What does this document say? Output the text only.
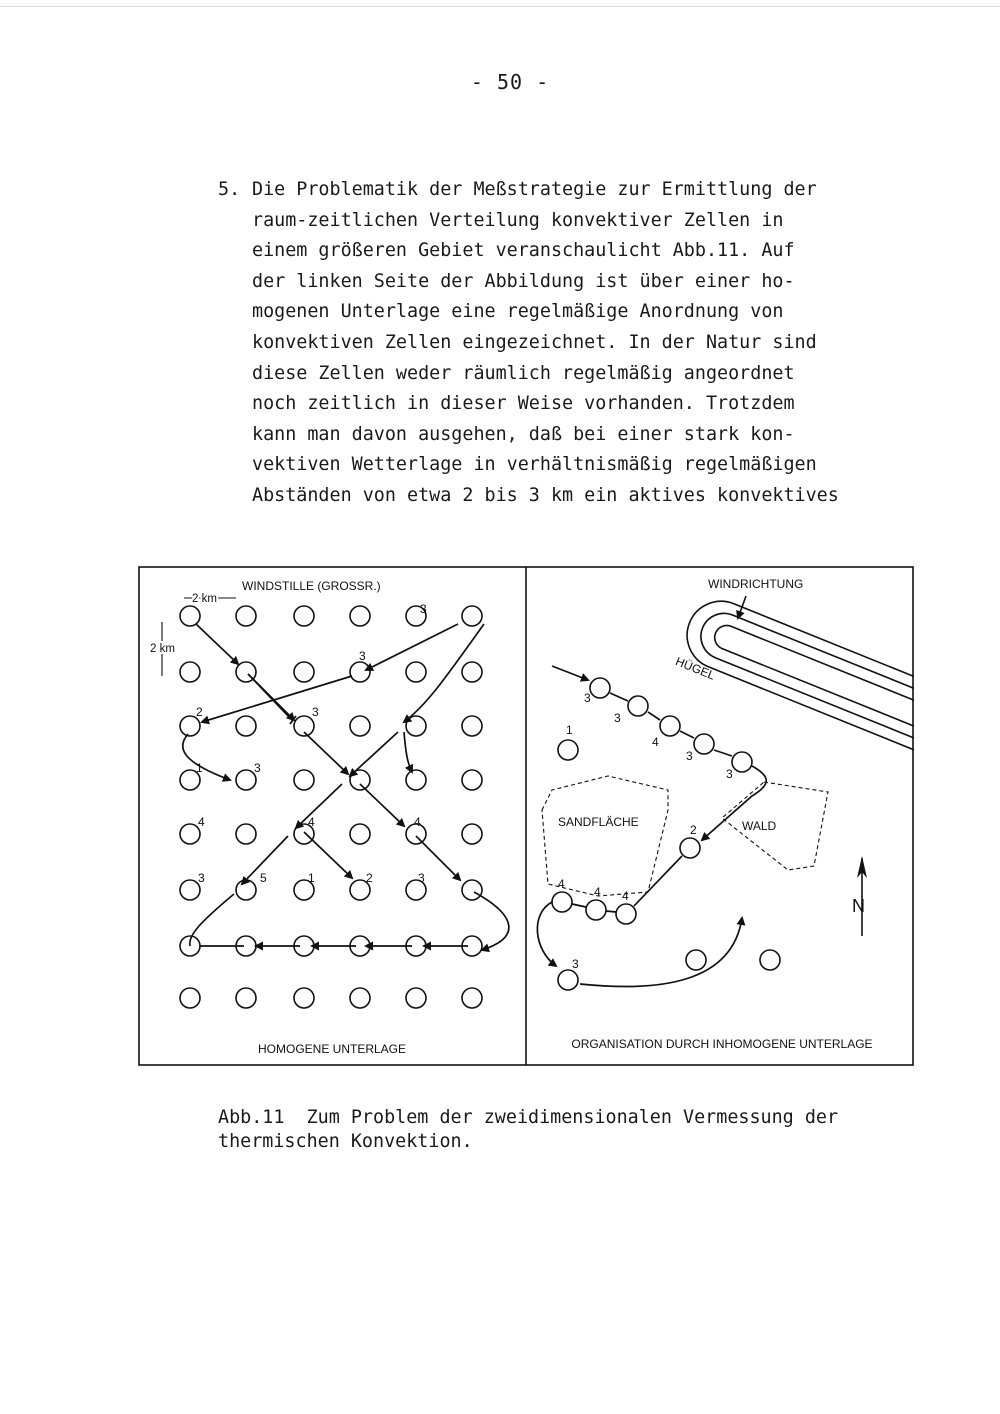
- 50 -
5. Die Problematik der Meßstrategie zur Ermittlung der
raum-zeitlichen Verteilung konvektiver Zellen in
einem größeren Gebiet veranschaulicht Abb.11. Auf
der linken Seite der Abbildung ist über einer ho-
mogenen Unterlage eine regelmäßige Anordnung von
konvektiven Zellen eingezeichnet. In der Natur sind
diese Zellen weder räumlich regelmäßig angeordnet
noch zeitlich in dieser Weise vorhanden. Trotzdem
kann man davon ausgehen, daß bei einer stark kon-
vektiven Wetterlage in verhältnismäßig regelmäßigen
Abständen von etwa 2 bis 3 km ein aktives konvektives
WINDSTILLE (GROSSR.)
2 km
2 km
3
3
2	3
1	3
4	4	4
3	5	1	2	3
HOMOGENE UNTERLAGE
WINDRICHTUNG
HÜGEL
SANDFLÄCHE	WALD
3
1
3
4
3
3
2
4
4 4
3
N
ORGANISATION DURCH INHOMOGENE UNTERLAGE
Abb.11  Zum Problem der zweidimensionalen Vermessung der
thermischen Konvektion.
